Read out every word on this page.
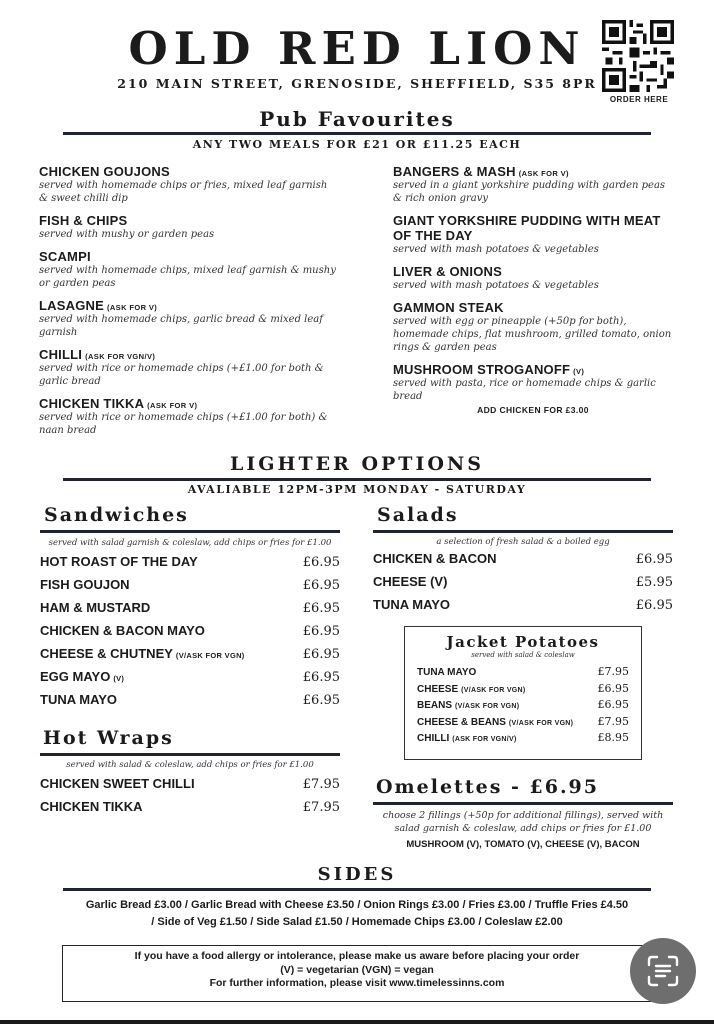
OLD RED LION
210 MAIN STREET, GRENOSIDE, SHEFFIELD, S35 8PR
ORDER HERE
Pub Favourites
ANY TWO MEALS FOR £21 OR £11.25 EACH
CHICKEN GOUJONS
served with homemade chips or fries, mixed leaf garnish & sweet chilli dip
FISH & CHIPS
served with mushy or garden peas
SCAMPI
served with homemade chips, mixed leaf garnish & mushy or garden peas
LASAGNE (ASK FOR V)
served with homemade chips, garlic bread & mixed leaf garnish
CHILLI (ASK FOR VGN/V)
served with rice or homemade chips (+£1.00 for both & garlic bread
CHICKEN TIKKA (ASK FOR V)
served with rice or homemade chips (+£1.00 for both) & naan bread
BANGERS & MASH (ASK FOR V)
served in a giant yorkshire pudding with garden peas & rich onion gravy
GIANT YORKSHIRE PUDDING WITH MEAT OF THE DAY
served with mash potatoes & vegetables
LIVER & ONIONS
served with mash potatoes & vegetables
GAMMON STEAK
served with egg or pineapple (+50p for both), homemade chips, flat mushroom, grilled tomato, onion rings & garden peas
MUSHROOM STROGANOFF (V)
served with pasta, rice or homemade chips & garlic bread
ADD CHICKEN FOR £3.00
LIGHTER OPTIONS
AVALIABLE 12PM-3PM MONDAY - SATURDAY
Sandwiches
served with salad garnish & coleslaw, add chips or fries for £1.00
HOT ROAST OF THE DAY	£6.95
FISH GOUJON	£6.95
HAM & MUSTARD	£6.95
CHICKEN & BACON MAYO	£6.95
CHEESE & CHUTNEY (V/ASK FOR VGN)	£6.95
EGG MAYO (V)	£6.95
TUNA MAYO	£6.95
Hot Wraps
served with salad & coleslaw, add chips or fries for £1.00
CHICKEN SWEET CHILLI	£7.95
CHICKEN TIKKA	£7.95
Salads
a selection of fresh salad & a boiled egg
CHICKEN & BACON	£6.95
CHEESE (V)	£5.95
TUNA MAYO	£6.95
Jacket Potatoes
served with salad & coleslaw
TUNA MAYO	£7.95
CHEESE (V/ASK FOR VGN)	£6.95
BEANS (V/ASK FOR VGN)	£6.95
CHEESE & BEANS (V/ASK FOR VGN) £7.95
CHILLI (ASK FOR VGN/V)	£8.95
Omelettes - £6.95
choose 2 fillings (+50p for additional fillings), served with salad garnish & coleslaw, add chips or fries for £1.00
MUSHROOM (V), TOMATO (V), CHEESE (V), BACON
SIDES
Garlic Bread £3.00 / Garlic Bread with Cheese £3.50 / Onion Rings £3.00 / Fries £3.00 / Truffle Fries £4.50
/ Side of Veg £1.50 / Side Salad £1.50 / Homemade Chips £3.00 / Coleslaw £2.00
If you have a food allergy or intolerance, please make us aware before placing your order
(V) = vegetarian (VGN) = vegan
For further information, please visit www.timelessinns.com
